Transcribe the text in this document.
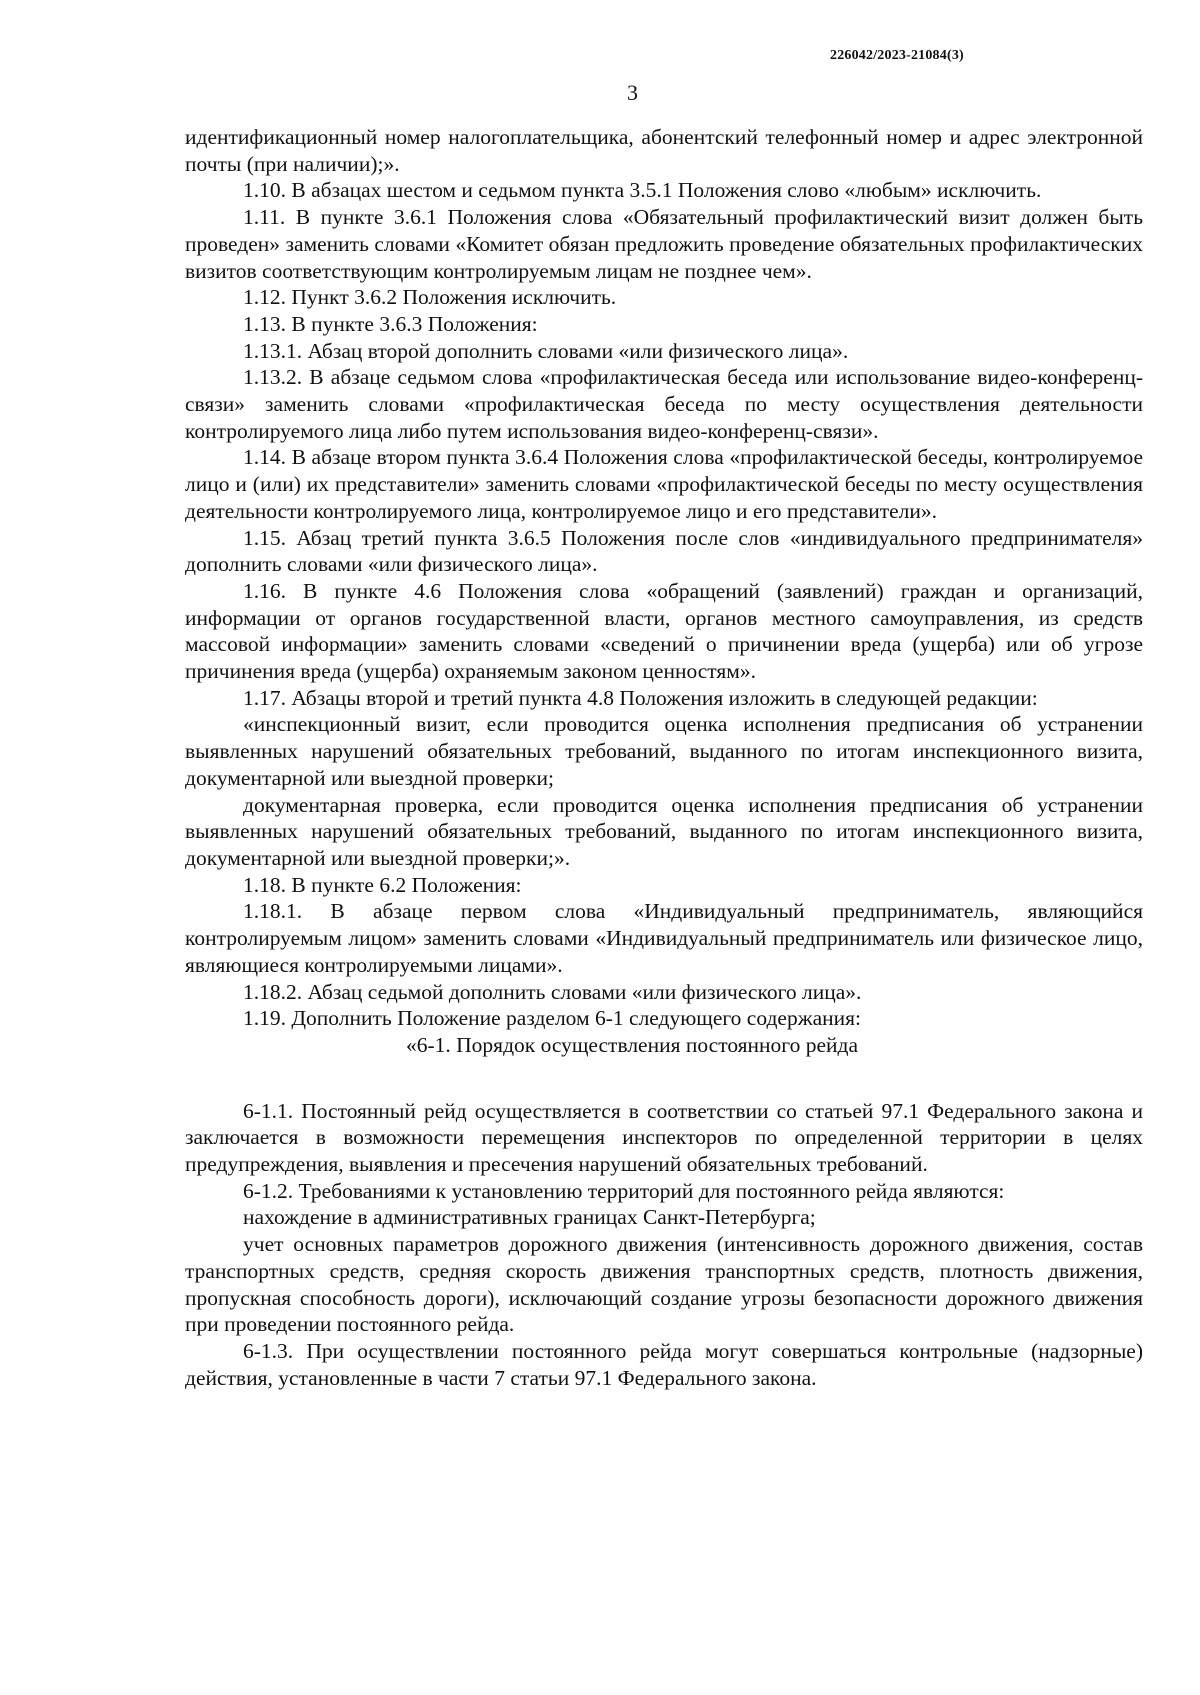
226042/2023-21084(3)
3

идентификационный номер налогоплательщика, абонентский телефонный номер и адрес электронной почты (при наличии);».

1.10. В абзацах шестом и седьмом пункта 3.5.1 Положения слово «любым» исключить.

1.11. В пункте 3.6.1 Положения слова «Обязательный профилактический визит должен быть проведен» заменить словами «Комитет обязан предложить проведение обязательных профилактических визитов соответствующим контролируемым лицам не позднее чем».

1.12. Пункт 3.6.2 Положения исключить.

1.13. В пункте 3.6.3 Положения:

1.13.1. Абзац второй дополнить словами «или физического лица».

1.13.2. В абзаце седьмом слова «профилактическая беседа или использование видео-конференц-связи» заменить словами «профилактическая беседа по месту осуществления деятельности контролируемого лица либо путем использования видео-конференц-связи».

1.14. В абзаце втором пункта 3.6.4 Положения слова «профилактической беседы, контролируемое лицо и (или) их представители» заменить словами «профилактической беседы по месту осуществления деятельности контролируемого лица, контролируемое лицо и его представители».

1.15. Абзац третий пункта 3.6.5 Положения после слов «индивидуального предпринимателя» дополнить словами «или физического лица».

1.16. В пункте 4.6 Положения слова «обращений (заявлений) граждан и организаций, информации от органов государственной власти, органов местного самоуправления, из средств массовой информации» заменить словами «сведений о причинении вреда (ущерба) или об угрозе причинения вреда (ущерба) охраняемым законом ценностям».

1.17. Абзацы второй и третий пункта 4.8 Положения изложить в следующей редакции:

«инспекционный визит, если проводится оценка исполнения предписания об устранении выявленных нарушений обязательных требований, выданного по итогам инспекционного визита, документарной или выездной проверки;

документарная проверка, если проводится оценка исполнения предписания об устранении выявленных нарушений обязательных требований, выданного по итогам инспекционного визита, документарной или выездной проверки;».

1.18. В пункте 6.2 Положения:

1.18.1. В абзаце первом слова «Индивидуальный предприниматель, являющийся контролируемым лицом» заменить словами «Индивидуальный предприниматель или физическое лицо, являющиеся контролируемыми лицами».

1.18.2. Абзац седьмой дополнить словами «или физического лица».

1.19. Дополнить Положение разделом 6-1 следующего содержания:

«6-1. Порядок осуществления постоянного рейда

6-1.1. Постоянный рейд осуществляется в соответствии со статьей 97.1 Федерального закона и заключается в возможности перемещения инспекторов по определенной территории в целях предупреждения, выявления и пресечения нарушений обязательных требований.

6-1.2. Требованиями к установлению территорий для постоянного рейда являются:

нахождение в административных границах Санкт-Петербурга;

учет основных параметров дорожного движения (интенсивность дорожного движения, состав транспортных средств, средняя скорость движения транспортных средств, плотность движения, пропускная способность дороги), исключающий создание угрозы безопасности дорожного движения при проведении постоянного рейда.

6-1.3. При осуществлении постоянного рейда могут совершаться контрольные (надзорные) действия, установленные в части 7 статьи 97.1 Федерального закона.
